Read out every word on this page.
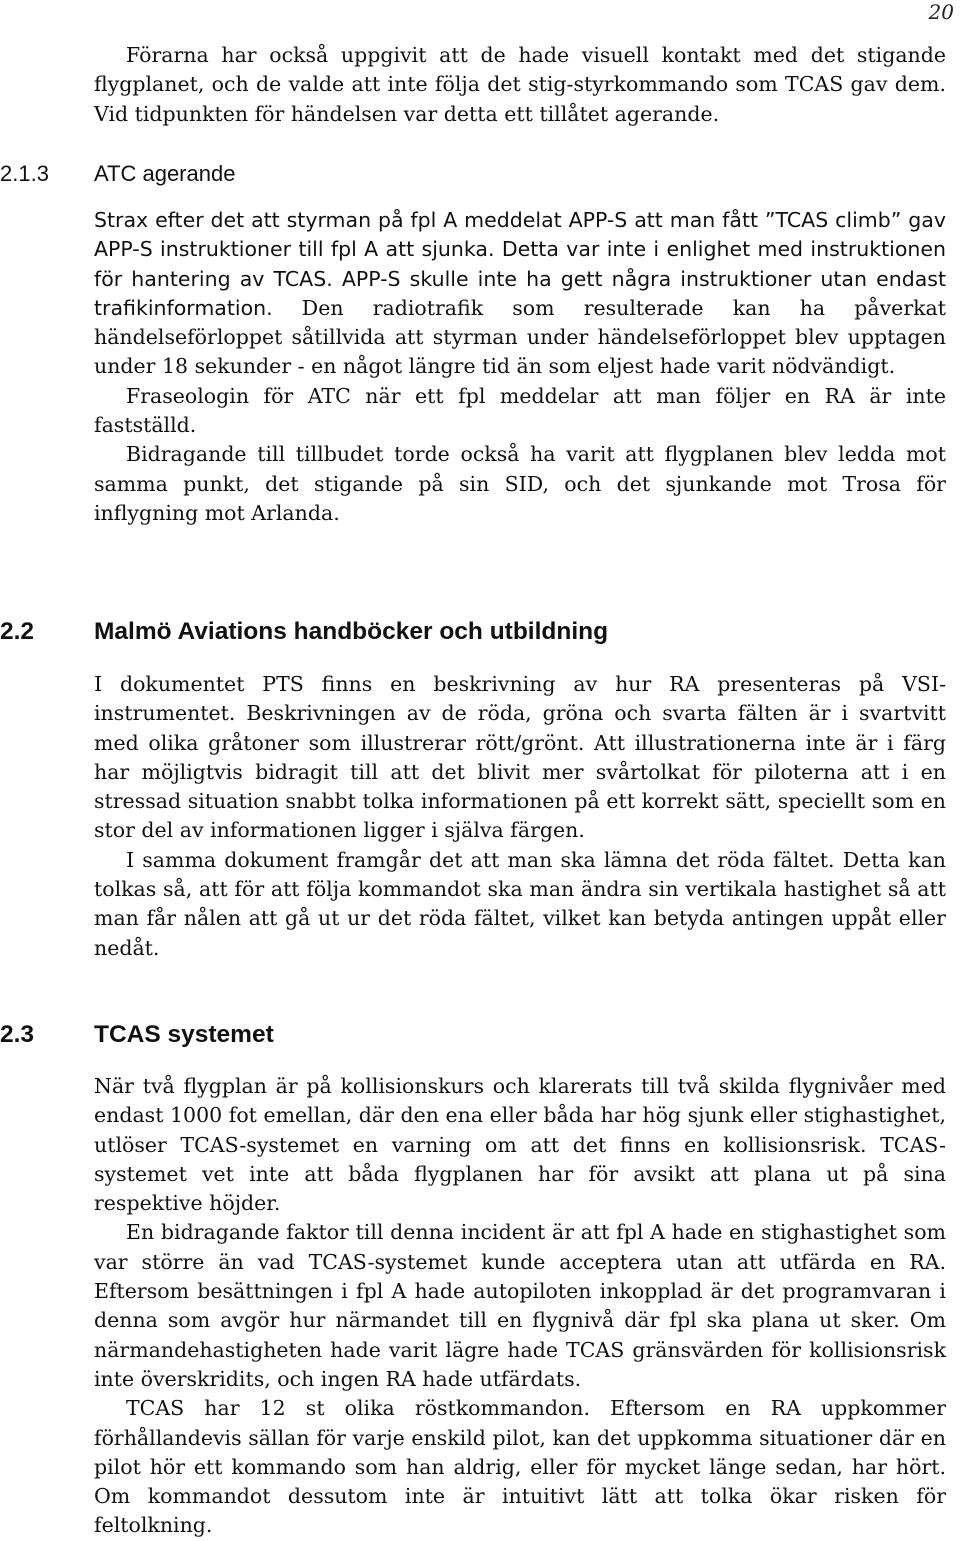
20

Förarna har också uppgivit att de hade visuell kontakt med det stigande flygplanet, och de valde att inte följa det stig-styrkommando som TCAS gav dem. Vid tidpunkten för händelsen var detta ett tillåtet agerande.

2.1.3 ATC agerande

Strax efter det att styrman på fpl A meddelat APP-S att man fått ”TCAS climb” gav APP-S instruktioner till fpl A att sjunka. Detta var inte i enlighet med instruktionen för hantering av TCAS. APP-S skulle inte ha gett några instruktioner utan endast trafikinformation. Den radiotrafik som resulterade kan ha påverkat händelseförloppet såtillvida att styrman under händelseförloppet blev upptagen under 18 sekunder - en något längre tid än som eljest hade varit nödvändigt.

Fraseologin för ATC när ett fpl meddelar att man följer en RA är inte fastställd.

Bidragande till tillbudet torde också ha varit att flygplanen blev ledda mot samma punkt, det stigande på sin SID, och det sjunkande mot Trosa för inflygning mot Arlanda.

2.2 Malmö Aviations handböcker och utbildning

I dokumentet PTS finns en beskrivning av hur RA presenteras på VSI-instrumentet. Beskrivningen av de röda, gröna och svarta fälten är i svartvitt med olika gråtoner som illustrerar rött/grönt. Att illustrationerna inte är i färg har möjligtvis bidragit till att det blivit mer svårtolkat för piloterna att i en stressad situation snabbt tolka informationen på ett korrekt sätt, speciellt som en stor del av informationen ligger i själva färgen.

I samma dokument framgår det att man ska lämna det röda fältet. Detta kan tolkas så, att för att följa kommandot ska man ändra sin vertikala hastighet så att man får nålen att gå ut ur det röda fältet, vilket kan betyda antingen uppåt eller nedåt.

2.3 TCAS systemet

När två flygplan är på kollisionskurs och klarerats till två skilda flygnivåer med endast 1000 fot emellan, där den ena eller båda har hög sjunk eller stighastighet, utlöser TCAS-systemet en varning om att det finns en kollisionsrisk. TCAS-systemet vet inte att båda flygplanen har för avsikt att plana ut på sina respektive höjder.

En bidragande faktor till denna incident är att fpl A hade en stighastighet som var större än vad TCAS-systemet kunde acceptera utan att utfärda en RA. Eftersom besättningen i fpl A hade autopiloten inkopplad är det programvaran i denna som avgör hur närmandet till en flygnivå där fpl ska plana ut sker. Om närmandehastigheten hade varit lägre hade TCAS gränsvärden för kollisionsrisk inte överskridits, och ingen RA hade utfärdats.

TCAS har 12 st olika röstkommandon. Eftersom en RA uppkommer förhållandevis sällan för varje enskild pilot, kan det uppkomma situationer där en pilot hör ett kommando som han aldrig, eller för mycket länge sedan, har hört. Om kommandot dessutom inte är intuitivt lätt att tolka ökar risken för feltolkning.
